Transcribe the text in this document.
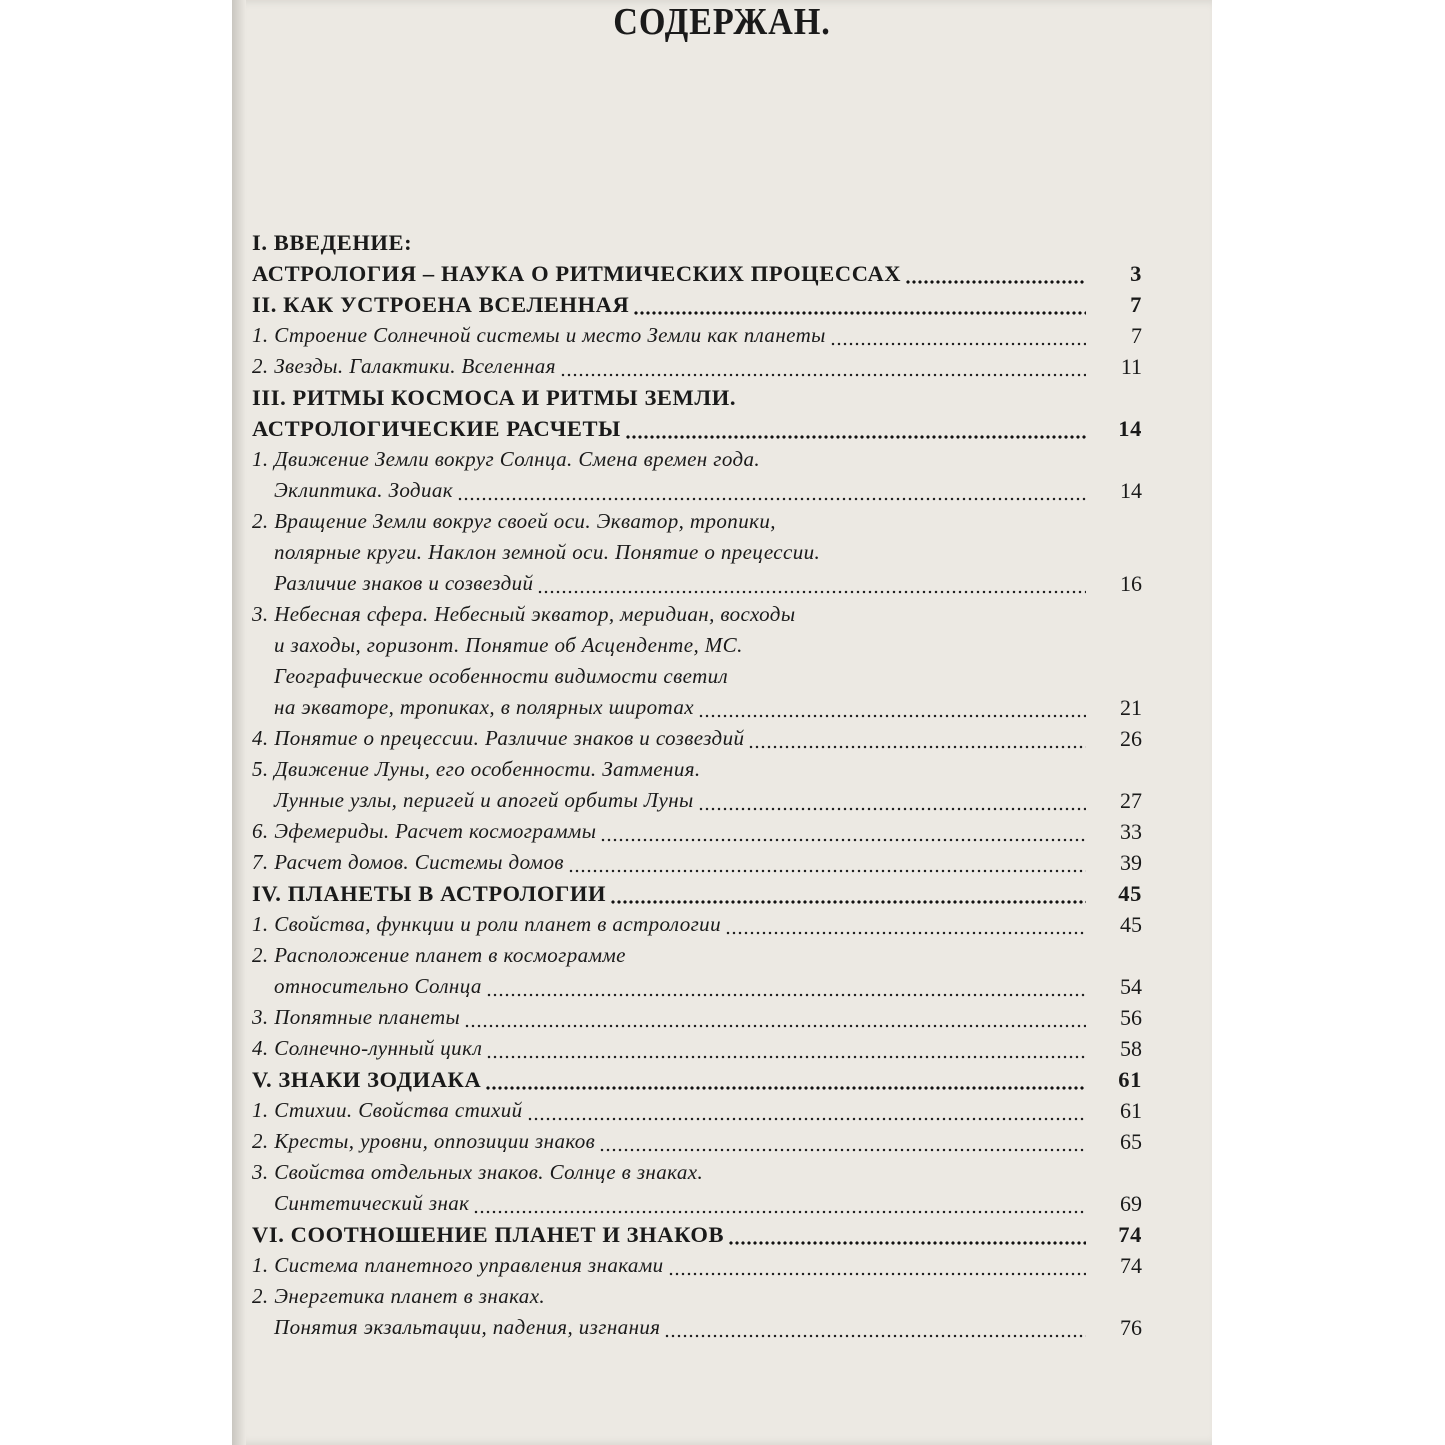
СОДЕРЖАН.
I. ВВЕДЕНИЕ:
АСТРОЛОГИЯ – НАУКА О РИТМИЧЕСКИХ ПРОЦЕССАХ	3
II. КАК УСТРОЕНА ВСЕЛЕННАЯ	7
1. Строение Солнечной системы и место Земли как планеты	7
2. Звезды. Галактики. Вселенная	11
III. РИТМЫ КОСМОСА И РИТМЫ ЗЕМЛИ.
АСТРОЛОГИЧЕСКИЕ РАСЧЕТЫ	14
1. Движение Земли вокруг Солнца. Смена времен года.
Эклиптика. Зодиак	14
2. Вращение Земли вокруг своей оси. Экватор, тропики,
полярные круги. Наклон земной оси. Понятие о прецессии.
Различие знаков и созвездий	16
3. Небесная сфера. Небесный экватор, меридиан, восходы
и заходы, горизонт. Понятие об Асценденте, МС.
Географические особенности видимости светил
на экваторе, тропиках, в полярных широтах	21
4. Понятие о прецессии. Различие знаков и созвездий	26
5. Движение Луны, его особенности. Затмения.
Лунные узлы, перигей и апогей орбиты Луны	27
6. Эфемериды. Расчет космограммы	33
7. Расчет домов. Системы домов	39
IV. ПЛАНЕТЫ В АСТРОЛОГИИ	45
1. Свойства, функции и роли планет в астрологии	45
2. Расположение планет в космограмме
относительно Солнца	54
3. Попятные планеты	56
4. Солнечно-лунный цикл	58
V. ЗНАКИ ЗОДИАКА	61
1. Стихии. Свойства стихий	61
2. Кресты, уровни, оппозиции знаков	65
3. Свойства отдельных знаков. Солнце в знаках.
Синтетический знак	69
VI. СООТНОШЕНИЕ ПЛАНЕТ И ЗНАКОВ	74
1. Система планетного управления знаками	74
2. Энергетика планет в знаках.
Понятия экзальтации, падения, изгнания	76
